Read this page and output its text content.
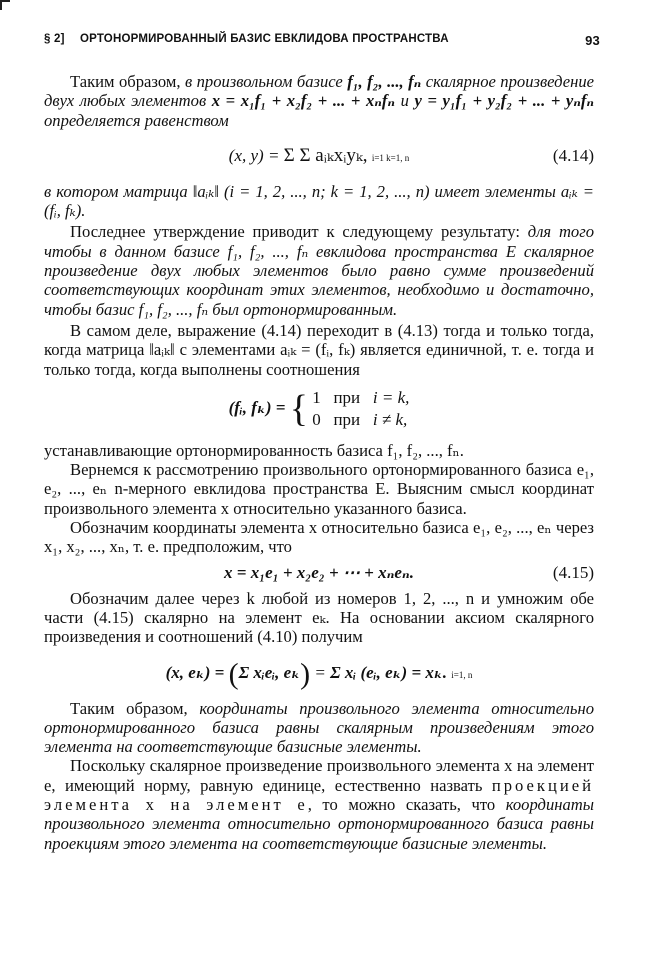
§ 2] ОРТОНОРМИРОВАННЫЙ БАЗИС ЕВКЛИДОВА ПРОСТРАНСТВА	93

Таким образом, в произвольном базисе f₁, f₂, ..., fₙ скалярное произведение двух любых элементов x = x₁f₁ + x₂f₂ + ... + xₙfₙ и y = y₁f₁ + y₂f₂ + ... + yₙfₙ определяется равенством

(x, y) = Σ Σ aᵢₖxᵢyₖ, i=1 k=1, n	(4.14)

в котором матрица ‖aᵢₖ‖ (i = 1, 2, ..., n; k = 1, 2, ..., n) имеет элементы aᵢₖ = (fᵢ, fₖ).

Последнее утверждение приводит к следующему результату: для того чтобы в данном базисе f₁, f₂, ..., fₙ евклидова пространства E скалярное произведение двух любых элементов было равно сумме произведений соответствующих координат этих элементов, необходимо и достаточно, чтобы базис f₁, f₂, ..., fₙ был ортонормированным.

В самом деле, выражение (4.14) переходит в (4.13) тогда и только тогда, когда матрица ‖aᵢₖ‖ с элементами aᵢₖ = (fᵢ, fₖ) является единичной, т. е. тогда и только тогда, когда выполнены соотношения

(fᵢ, fₖ) = { 1 при i = k,
0 при i ≠ k,

устанавливающие ортонормированность базиса f₁, f₂, ..., fₙ.

Вернемся к рассмотрению произвольного ортонормированного базиса e₁, e₂, ..., eₙ n-мерного евклидова пространства E. Выясним смысл координат произвольного элемента x относительно указанного базиса.

Обозначим координаты элемента x относительно базиса e₁, e₂, ..., eₙ через x₁, x₂, ..., xₙ, т. е. предположим, что

x = x₁e₁ + x₂e₂ + ⋯ + xₙeₙ.	(4.15)

Обозначим далее через k любой из номеров 1, 2, ..., n и умножим обе части (4.15) скалярно на элемент eₖ. На основании аксиом скалярного произведения и соотношений (4.10) получим

(x, eₖ) = (Σ xᵢeᵢ, eₖ) = Σ xᵢ (eᵢ, eₖ) = xₖ. i=1, n

Таким образом, координаты произвольного элемента относительно ортонормированного базиса равны скалярным произведениям этого элемента на соответствующие базисные элементы.

Поскольку скалярное произведение произвольного элемента x на элемент e, имеющий норму, равную единице, естественно назвать проекцией элемента x на элемент e, то можно сказать, что координаты произвольного элемента относительно ортонормированного базиса равны проекциям этого элемента на соответствующие базисные элементы.
